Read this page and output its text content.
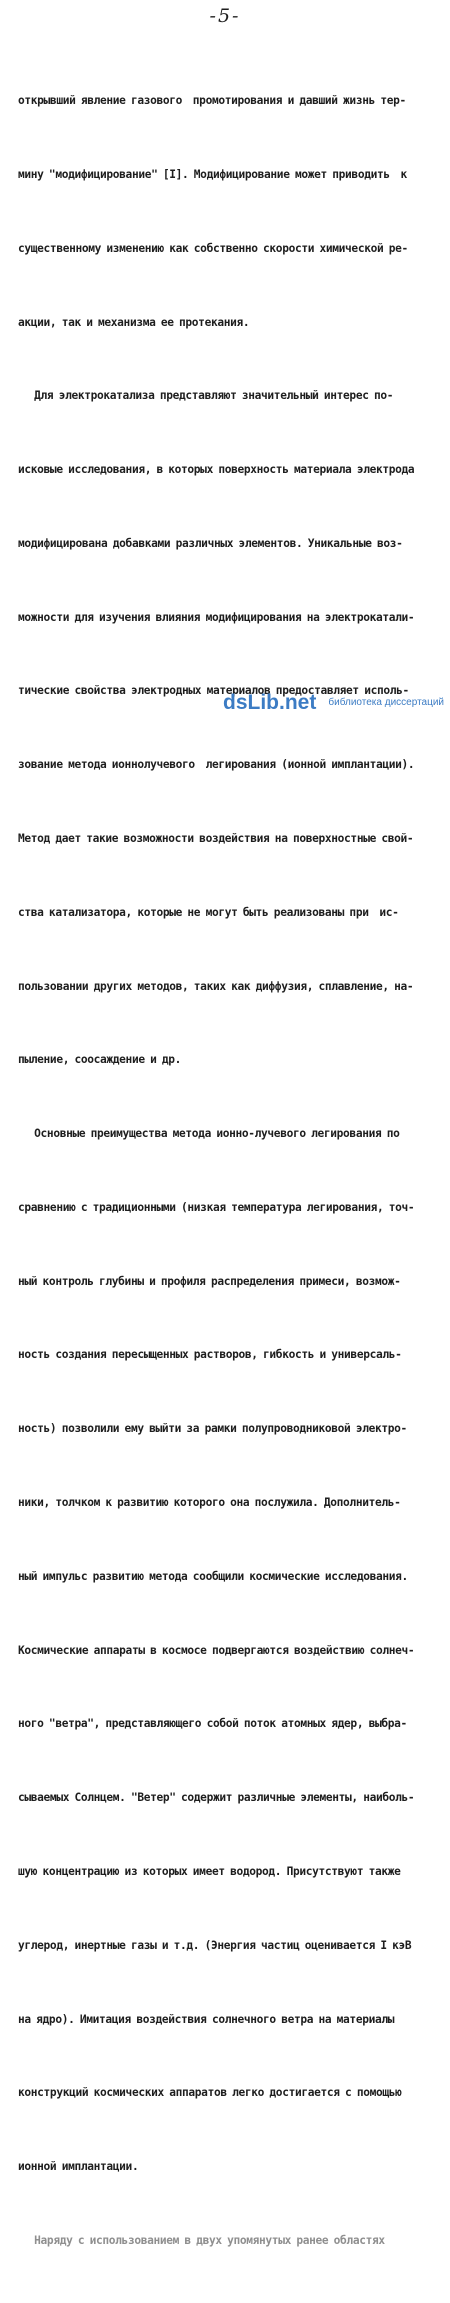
-5-

открывший явление газового  промотирования и давший жизнь тер-

мину "модифицирование" [I]. Модифицирование может приводить  к

существенному изменению как собственно скорости химической ре-

акции, так и механизма ее протекания.

Для электрокатализа представляют значительный интерес по-

исковые исследования, в которых поверхность материала электрода

модифицирована добавками различных элементов. Уникальные воз-

можности для изучения влияния модифицирования на электрокатали-

тические свойства электродных материалов предоставляет исполь-

зование метода ионнолучевого  легирования (ионной имплантации).

Метод дает такие возможности воздействия на поверхностные свой-

ства катализатора, которые не могут быть реализованы при  ис-

пользовании других методов, таких как диффузия, сплавление, на-

пыление, соосаждение и др.

Основные преимущества метода ионно-лучевого легирования по

сравнению с традиционными (низкая температура легирования, точ-

ный контроль глубины и профиля распределения примеси, возмож-

ность создания пересыщенных растворов, гибкость и универсаль-

ность) позволили ему выйти за рамки полупроводниковой электро-

ники, толчком к развитию которого она послужила. Дополнитель-

ный импульс развитию метода сообщили космические исследования.

Космические аппараты в космосе подвергаются воздействию солнеч-

ного "ветра", представляющего собой поток атомных ядер, выбра-

сываемых Солнцем. "Ветер" содержит различные элементы, наиболь-

шую концентрацию из которых имеет водород. Присутствуют также

углерод, инертные газы и т.д. (Энергия частиц оценивается I кэВ

на ядро). Имитация воздействия солнечного ветра на материалы

конструкций космических аппаратов легко достигается с помощью

ионной имплантации.

Наряду с использованием в двух упомянутых ранее областях

dsLib.net библиотека диссертаций
